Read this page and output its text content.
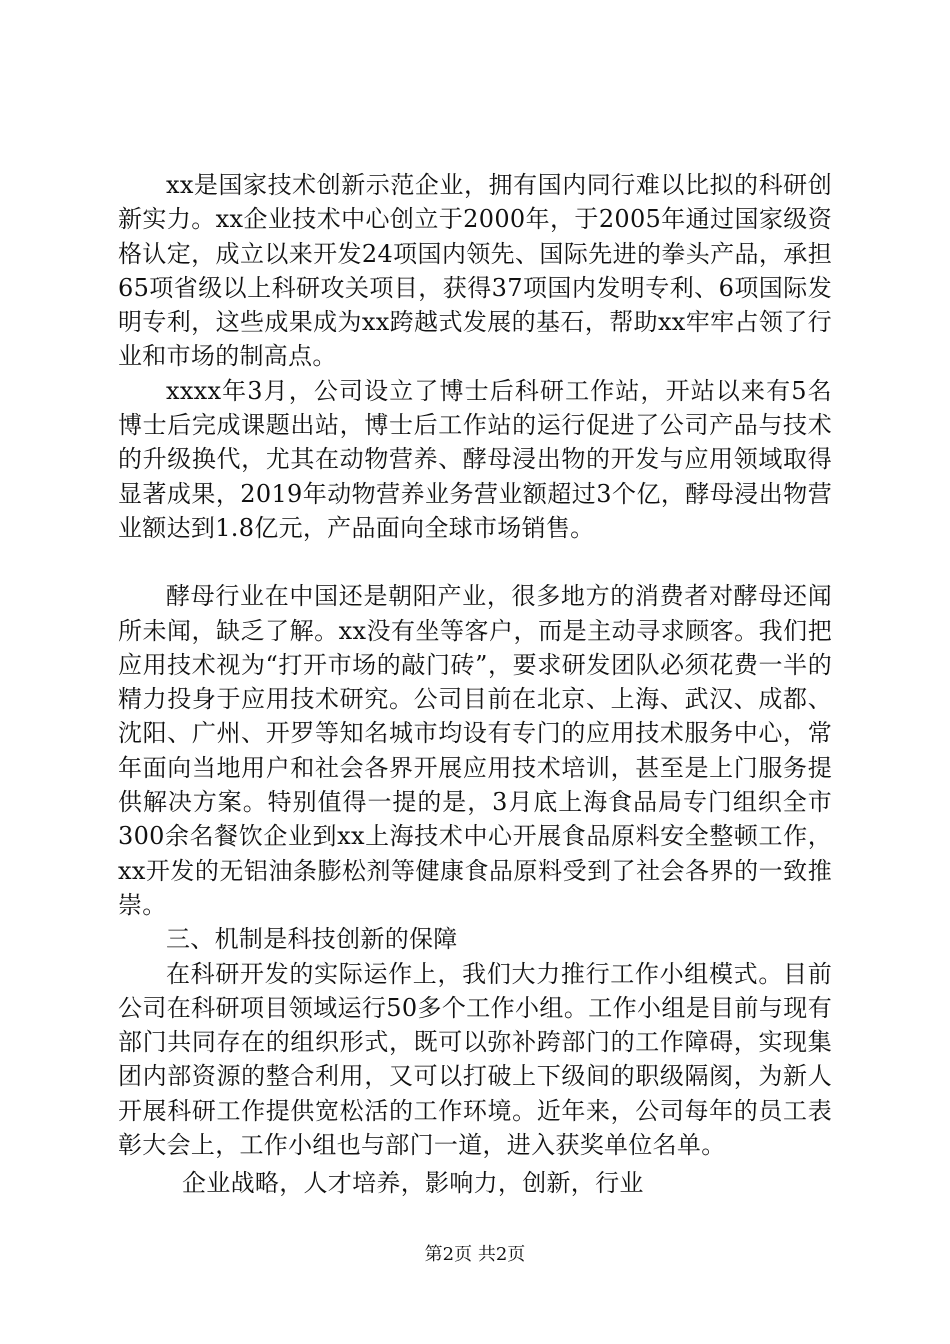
xx是国家技术创新示范企业，拥有国内同行难以比拟的科研创新实力。xx企业技术中心创立于2000年，于2005年通过国家级资格认定，成立以来开发24项国内领先、国际先进的拳头产品，承担65项省级以上科研攻关项目，获得37项国内发明专利、6项国际发明专利，这些成果成为xx跨越式发展的基石，帮助xx牢牢占领了行业和市场的制高点。

xxxx年3月，公司设立了博士后科研工作站，开站以来有5名博士后完成课题出站，博士后工作站的运行促进了公司产品与技术的升级换代，尤其在动物营养、酵母浸出物的开发与应用领域取得显著成果，2019年动物营养业务营业额超过3个亿，酵母浸出物营业额达到1.8亿元，产品面向全球市场销售。

酵母行业在中国还是朝阳产业，很多地方的消费者对酵母还闻所未闻，缺乏了解。xx没有坐等客户，而是主动寻求顾客。我们把应用技术视为“打开市场的敲门砖”，要求研发团队必须花费一半的精力投身于应用技术研究。公司目前在北京、上海、武汉、成都、沈阳、广州、开罗等知名城市均设有专门的应用技术服务中心，常年面向当地用户和社会各界开展应用技术培训，甚至是上门服务提供解决方案。特别值得一提的是，3月底上海食品局专门组织全市300余名餐饮企业到xx上海技术中心开展食品原料安全整顿工作，xx开发的无铝油条膨松剂等健康食品原料受到了社会各界的一致推崇。

三、机制是科技创新的保障

在科研开发的实际运作上，我们大力推行工作小组模式。目前公司在科研项目领域运行50多个工作小组。工作小组是目前与现有部门共同存在的组织形式，既可以弥补跨部门的工作障碍，实现集团内部资源的整合利用，又可以打破上下级间的职级隔阂，为新人开展科研工作提供宽松活的工作环境。近年来，公司每年的员工表彰大会上，工作小组也与部门一道，进入获奖单位名单。

企业战略，人才培养，影响力，创新，行业

第2页 共2页
